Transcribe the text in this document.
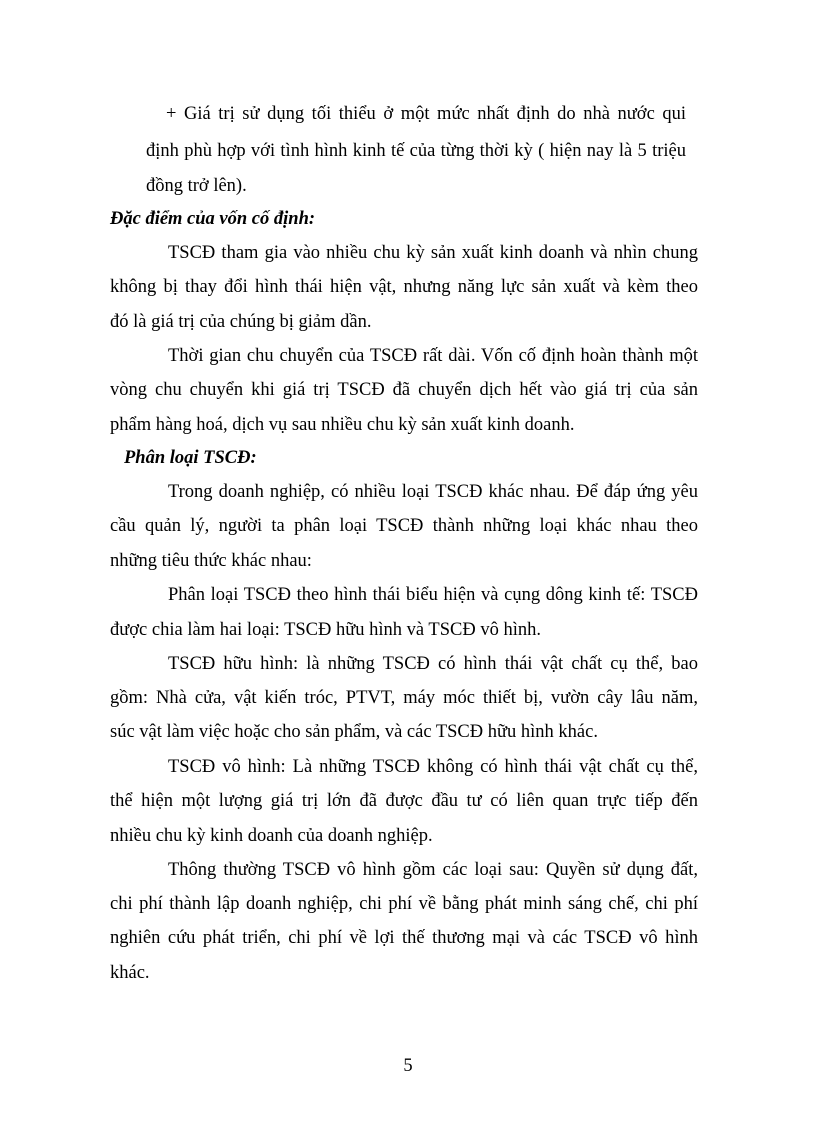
+ Giá trị sử dụng tối thiểu ở một mức nhất định do nhà nước qui
định phù hợp với tình hình kinh tế của từng thời kỳ ( hiện nay là 5 triệu
đồng trở lên).
Đặc điểm của vốn cố định:
TSCĐ tham gia vào nhiều chu kỳ sản xuất kinh doanh và nhìn chung
không bị thay đổi hình thái hiện vật, nhưng năng lực sản xuất và kèm theo
đó là giá trị của chúng bị giảm dần.
Thời gian chu chuyển của TSCĐ rất dài. Vốn cố định hoàn thành một
vòng chu chuyển khi giá trị TSCĐ đã chuyển dịch hết vào giá trị của sản
phẩm hàng hoá, dịch vụ sau nhiều chu kỳ sản xuất kinh doanh.
Phân loại TSCĐ:
Trong doanh nghiệp, có nhiều loại TSCĐ khác nhau. Để đáp ứng yêu
cầu quản lý, người ta phân loại TSCĐ thành những loại khác nhau theo
những tiêu thức khác nhau:
Phân loại TSCĐ theo hình thái biểu hiện và cụng dông kinh tế: TSCĐ
được chia làm hai loại: TSCĐ hữu hình và TSCĐ vô hình.
TSCĐ hữu hình: là những TSCĐ có hình thái vật chất cụ thể, bao
gồm: Nhà cửa, vật kiến tróc, PTVT, máy móc thiết bị, vườn cây lâu năm,
súc vật làm việc hoặc cho sản phẩm, và các TSCĐ hữu hình khác.
TSCĐ vô hình: Là những TSCĐ không có hình thái vật chất cụ thể,
thể hiện một lượng giá trị lớn đã được đầu tư có liên quan trực tiếp đến
nhiều chu kỳ kinh doanh của doanh nghiệp.
Thông thường TSCĐ vô hình gồm các loại sau: Quyền sử dụng đất,
chi phí thành lập doanh nghiệp, chi phí về bằng phát minh sáng chế, chi phí
nghiên cứu phát triển, chi phí về lợi thế thương mại và các TSCĐ vô hình
khác.
5
